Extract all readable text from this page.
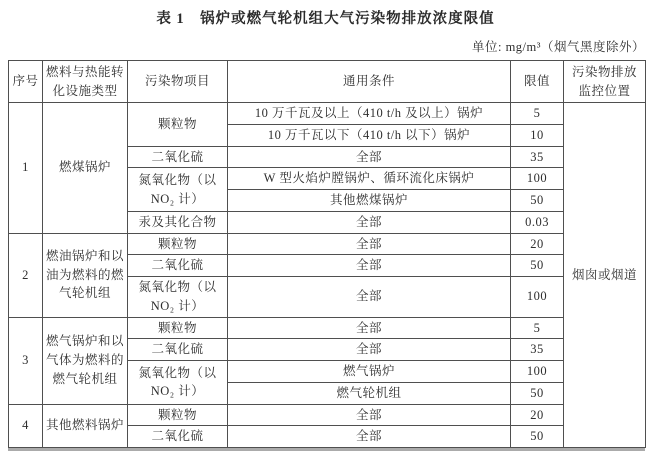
表 1　锅炉或燃气轮机组大气污染物排放浓度限值
单位: mg/m³（烟气黑度除外）
序号	燃料与热能转化设施类型	污染物项目	通用条件	限值	污染物排放监控位置
1	燃煤锅炉	颗粒物	10 万千瓦及以上（410 t/h 及以上）锅炉	5	烟囱或烟道
			10 万千瓦以下（410 t/h 以下）锅炉	10	
		二氧化硫	全部	35	
		氮氧化物（以 NO₂ 计）	W 型火焰炉膛锅炉、循环流化床锅炉	100	
			其他燃煤锅炉	50	
		汞及其化合物	全部	0.03	
2	燃油锅炉和以油为燃料的燃气轮机组	颗粒物	全部	20	
		二氧化硫	全部	50	
		氮氧化物（以 NO₂ 计）	全部	100	
3	燃气锅炉和以气体为燃料的燃气轮机组	颗粒物	全部	5	
		二氧化硫	全部	35	
		氮氧化物（以 NO₂ 计）	燃气锅炉	100	
			燃气轮机组	50	
4	其他燃料锅炉	颗粒物	全部	20	
		二氧化硫	全部	50	
